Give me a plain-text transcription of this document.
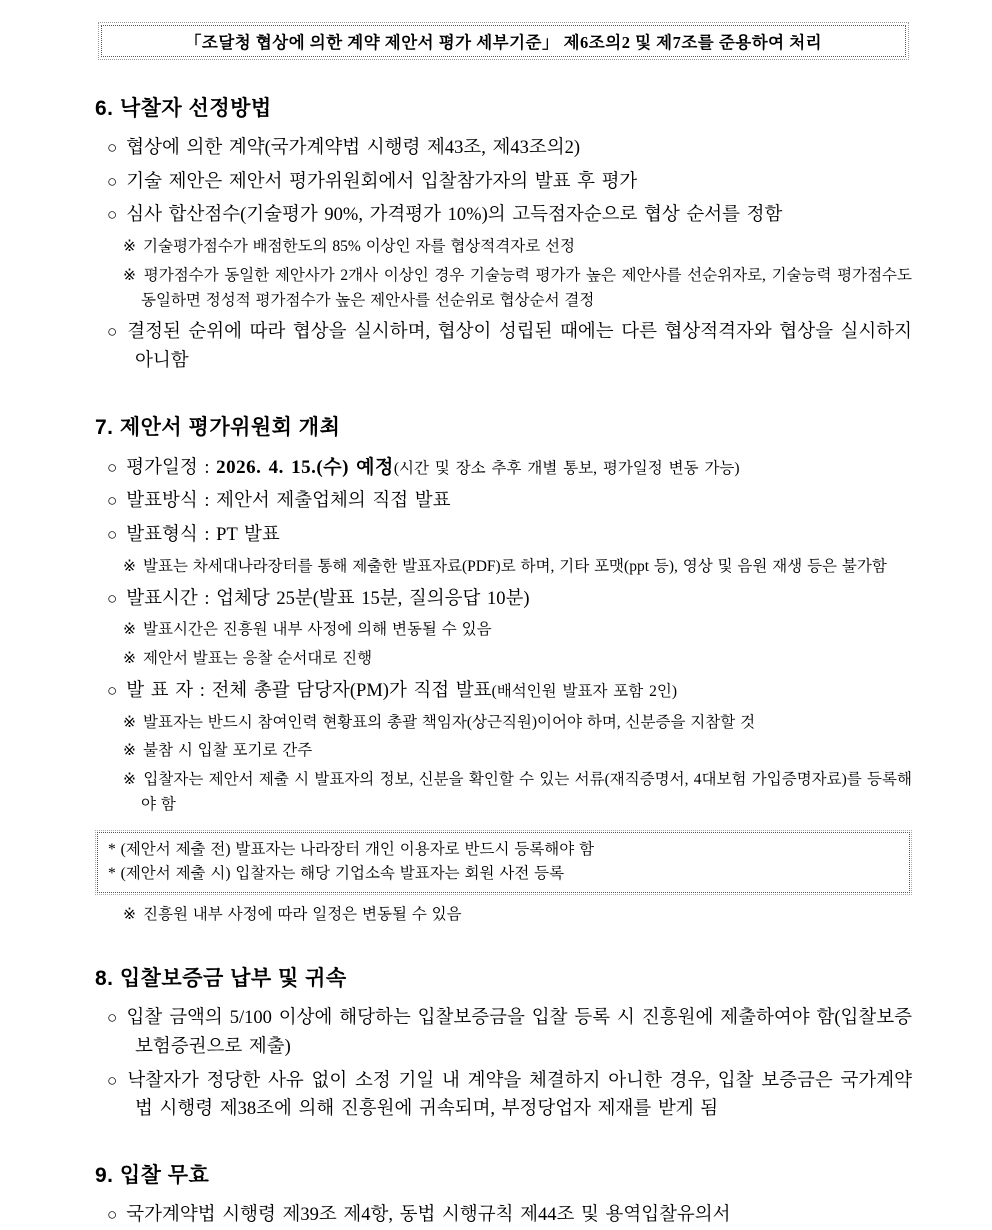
「조달청 협상에 의한 계약 제안서 평가 세부기준」 제6조의2 및 제7조를 준용하여 처리
6. 낙찰자 선정방법

○ 협상에 의한 계약(국가계약법 시행령 제43조, 제43조의2)

○ 기술 제안은 제안서 평가위원회에서 입찰참가자의 발표 후 평가

○ 심사 합산점수(기술평가 90%, 가격평가 10%)의 고득점자순으로 협상 순서를 정함

※ 기술평가점수가 배점한도의 85% 이상인 자를 협상적격자로 선정

※ 평가점수가 동일한 제안사가 2개사 이상인 경우 기술능력 평가가 높은 제안사를 선순위자로, 기술능력 평가점수도 동일하면 정성적 평가점수가 높은 제안사를 선순위로 협상순서 결정

○ 결정된 순위에 따라 협상을 실시하며, 협상이 성립된 때에는 다른 협상적격자와 협상을 실시하지 아니함

7. 제안서 평가위원회 개최

○ 평가일정 : 2026. 4. 15.(수) 예정(시간 및 장소 추후 개별 통보, 평가일정 변동 가능)

○ 발표방식 : 제안서 제출업체의 직접 발표

○ 발표형식 : PT 발표

※ 발표는 차세대나라장터를 통해 제출한 발표자료(PDF)로 하며, 기타 포맷(ppt 등), 영상 및 음원 재생 등은 불가함

○ 발표시간 : 업체당 25분(발표 15분, 질의응답 10분)

※ 발표시간은 진흥원 내부 사정에 의해 변동될 수 있음

※ 제안서 발표는 응찰 순서대로 진행

○ 발 표 자 : 전체 총괄 담당자(PM)가 직접 발표(배석인원 발표자 포함 2인)

※ 발표자는 반드시 참여인력 현황표의 총괄 책임자(상근직원)이어야 하며, 신분증을 지참할 것

※ 불참 시 입찰 포기로 간주

※ 입찰자는 제안서 제출 시 발표자의 정보, 신분을 확인할 수 있는 서류(재직증명서, 4대보험 가입증명자료)를 등록해야 함

* (제안서 제출 전) 발표자는 나라장터 개인 이용자로 반드시 등록해야 함

* (제안서 제출 시) 입찰자는 해당 기업소속 발표자는 회원 사전 등록

※ 진흥원 내부 사정에 따라 일정은 변동될 수 있음

8. 입찰보증금 납부 및 귀속

○ 입찰 금액의 5/100 이상에 해당하는 입찰보증금을 입찰 등록 시 진흥원에 제출하여야 함(입찰보증보험증권으로 제출)

○ 낙찰자가 정당한 사유 없이 소정 기일 내 계약을 체결하지 아니한 경우, 입찰 보증금은 국가계약법 시행령 제38조에 의해 진흥원에 귀속되며, 부정당업자 제재를 받게 됨

9. 입찰 무효

○ 국가계약법 시행령 제39조 제4항, 동법 시행규칙 제44조 및 용역입찰유의서
